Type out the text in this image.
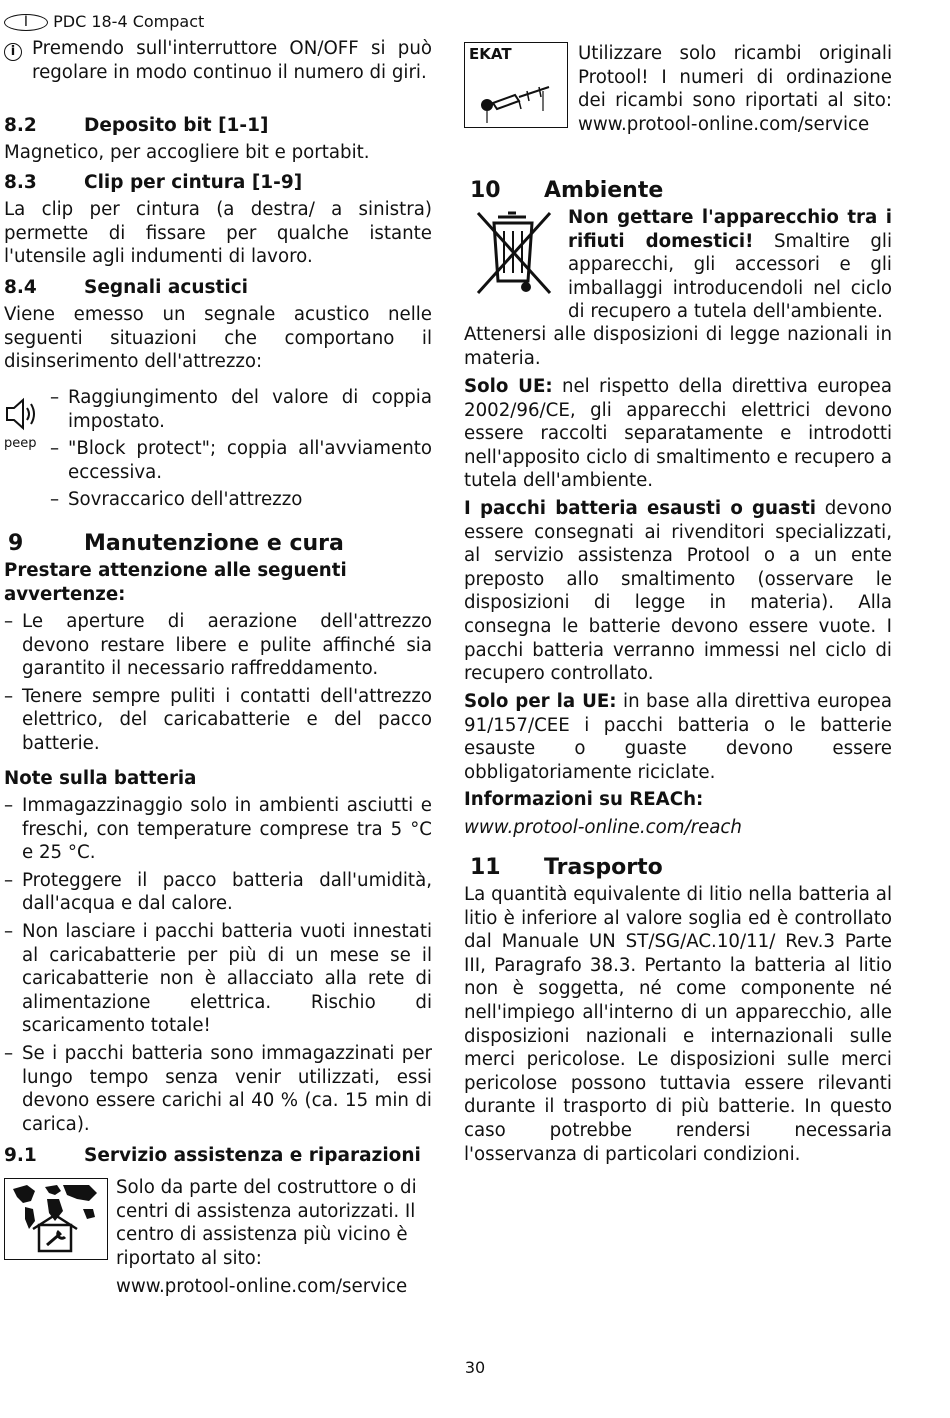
I PDC 18-4 Compact
i Premendo sull'interruttore ON/OFF si può regolare in modo continuo il numero di giri.

8.2	Deposito bit [1-1]

Magnetico, per accogliere bit e portabit.

8.3	Clip per cintura [1-9]

La clip per cintura (a destra/ a sinistra) permette di fissare per qualche istante l'utensile agli indumenti di lavoro.

8.4	Segnali acustici

Viene emesso un segnale acustico nelle seguenti situazioni che comportano il disinserimento dell'attrezzo:

peep
– Raggiungimento del valore di coppia impostato.
– "Block protect"; coppia all'avviamento eccessiva.
– Sovraccarico dell'attrezzo
9	Manutenzione e cura

Prestare attenzione alle seguenti avvertenze:

– Le aperture di aerazione dell'attrezzo devono restare libere e pulite affinché sia garantito il necessario raffreddamento.
– Tenere sempre puliti i contatti dell'attrezzo elettrico, del caricabatterie e del pacco batterie.

Note sulla batteria

– Immagazzinaggio solo in ambienti asciutti e freschi, con temperature comprese tra 5 °C e 25 °C.
– Proteggere il pacco batteria dall'umidità, dall'acqua e dal calore.
– Non lasciare i pacchi batteria vuoti innestati al caricabatterie per più di un mese se il caricabatterie non è allacciato alla rete di alimentazione elettrica. Rischio di scaricamento totale!
– Se i pacchi batteria sono immagazzinati per lungo tempo senza venir utilizzati, essi devono essere carichi al 40 % (ca. 15 min di carica).
9.1	Servizio assistenza e riparazioni

Solo da parte del costruttore o di centri di assistenza autorizzati. Il centro di assistenza più vicino è riportato al sito:

www.protool-online.com/service

EKAT	Utilizzare solo ricambi originali Protool! I numeri di ordinazione dei ricambi sono riportati al sito: www.protool-online.com/service

10	Ambiente

Non gettare l'apparecchio tra i rifiuti domestici! Smaltire gli apparecchi, gli accessori e gli imballaggi introducendoli nel ciclo di recupero a tutela dell'ambiente.

Attenersi alle disposizioni di legge nazionali in materia.

Solo UE: nel rispetto della direttiva europea 2002/96/CE, gli apparecchi elettrici devono essere raccolti separatamente e introdotti nell'apposito ciclo di smaltimento e recupero a tutela dell'ambiente.

I pacchi batteria esausti o guasti devono essere consegnati ai rivenditori specializzati, al servizio assistenza Protool o a un ente preposto allo smaltimento (osservare le disposizioni di legge in materia). Alla consegna le batterie devono essere vuote. I pacchi batteria verranno immessi nel ciclo di recupero controllato.

Solo per la UE: in base alla direttiva europea 91/157/CEE i pacchi batteria o le batterie esauste o guaste devono essere obbligatoriamente riciclate.

Informazioni su REACh:

www.protool-online.com/reach

11	Trasporto

La quantità equivalente di litio nella batteria al litio è inferiore al valore soglia ed è controllato dal Manuale UN ST/SG/AC.10/11/ Rev.3 Parte III, Paragrafo 38.3. Pertanto la batteria al litio non è soggetta, né come componente né nell'impiego all'interno di un apparecchio, alle disposizioni nazionali e internazionali sulle merci pericolose. Le disposizioni sulle merci pericolose possono tuttavia essere rilevanti durante il trasporto di più batterie. In questo caso potrebbe rendersi necessaria l'osservanza di particolari condizioni.

30
